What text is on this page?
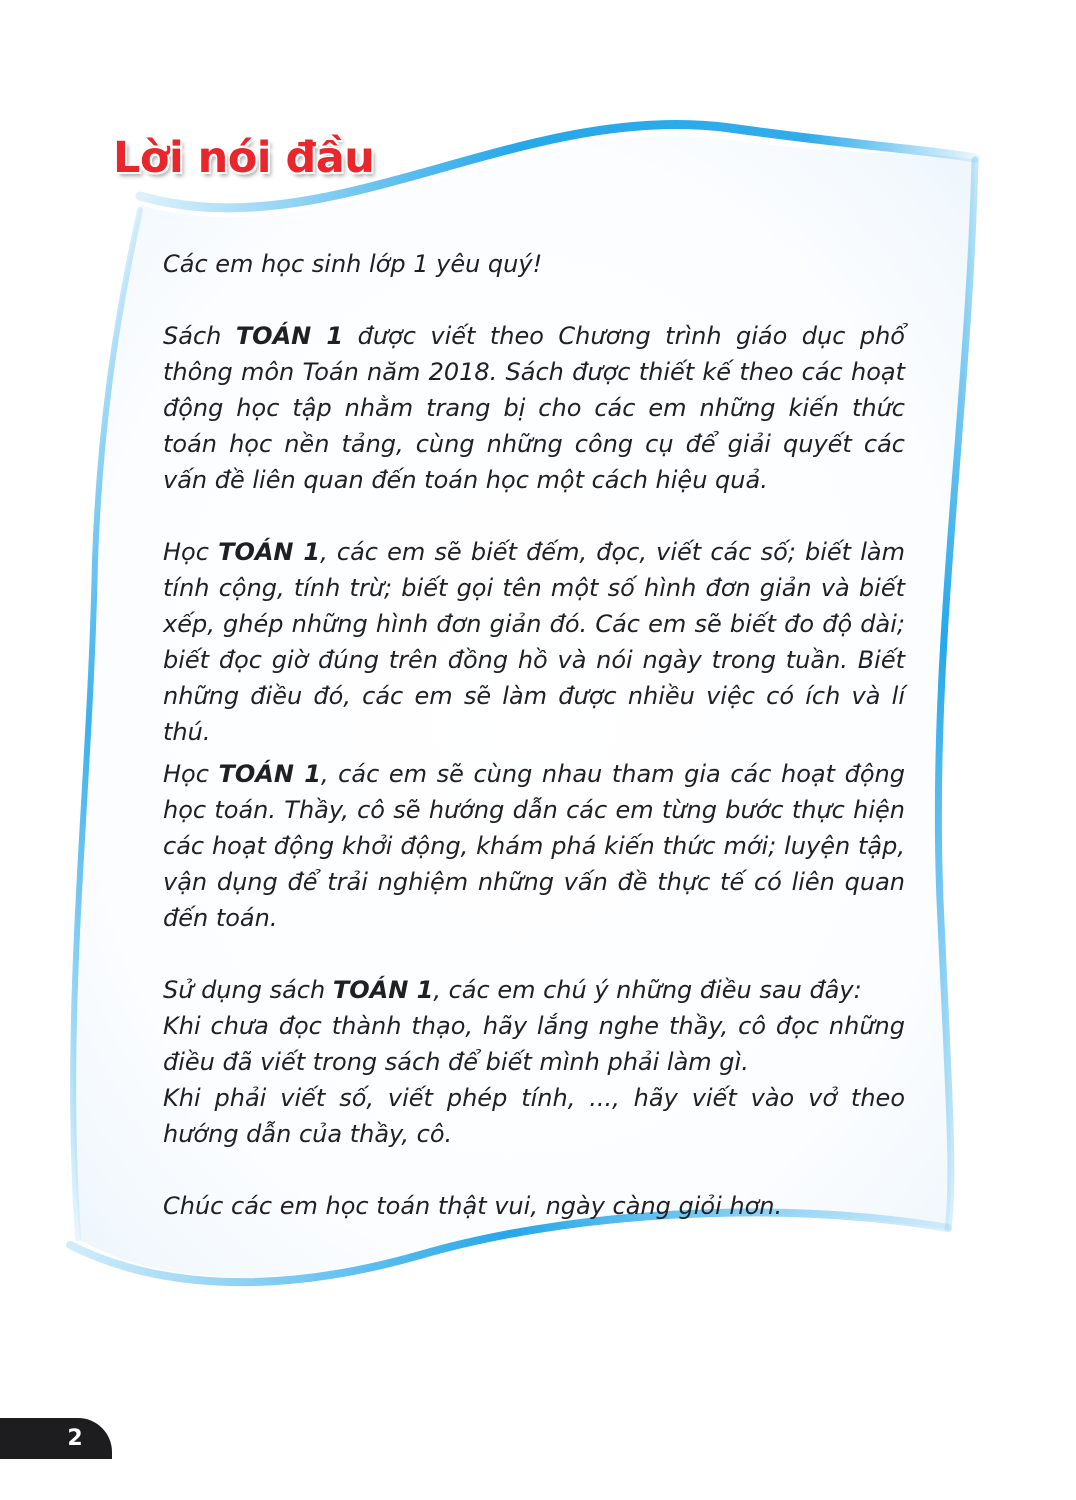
Lời nói đầu

Các em học sinh lớp 1 yêu quý!

Sách TOÁN 1 được viết theo Chương trình giáo dục phổ thông môn Toán năm 2018. Sách được thiết kế theo các hoạt động học tập nhằm trang bị cho các em những kiến thức toán học nền tảng, cùng những công cụ để giải quyết các vấn đề liên quan đến toán học một cách hiệu quả.

Học TOÁN 1, các em sẽ biết đếm, đọc, viết các số; biết làm tính cộng, tính trừ; biết gọi tên một số hình đơn giản và biết xếp, ghép những hình đơn giản đó. Các em sẽ biết đo độ dài; biết đọc giờ đúng trên đồng hồ và nói ngày trong tuần. Biết những điều đó, các em sẽ làm được nhiều việc có ích và lí thú.

Học TOÁN 1, các em sẽ cùng nhau tham gia các hoạt động học toán. Thầy, cô sẽ hướng dẫn các em từng bước thực hiện các hoạt động khởi động, khám phá kiến thức mới; luyện tập, vận dụng để trải nghiệm những vấn đề thực tế có liên quan đến toán.

Sử dụng sách TOÁN 1, các em chú ý những điều sau đây:

Khi chưa đọc thành thạo, hãy lắng nghe thầy, cô đọc những điều đã viết trong sách để biết mình phải làm gì.

Khi phải viết số, viết phép tính, ..., hãy viết vào vở theo hướng dẫn của thầy, cô.

Chúc các em học toán thật vui, ngày càng giỏi hơn.

2
